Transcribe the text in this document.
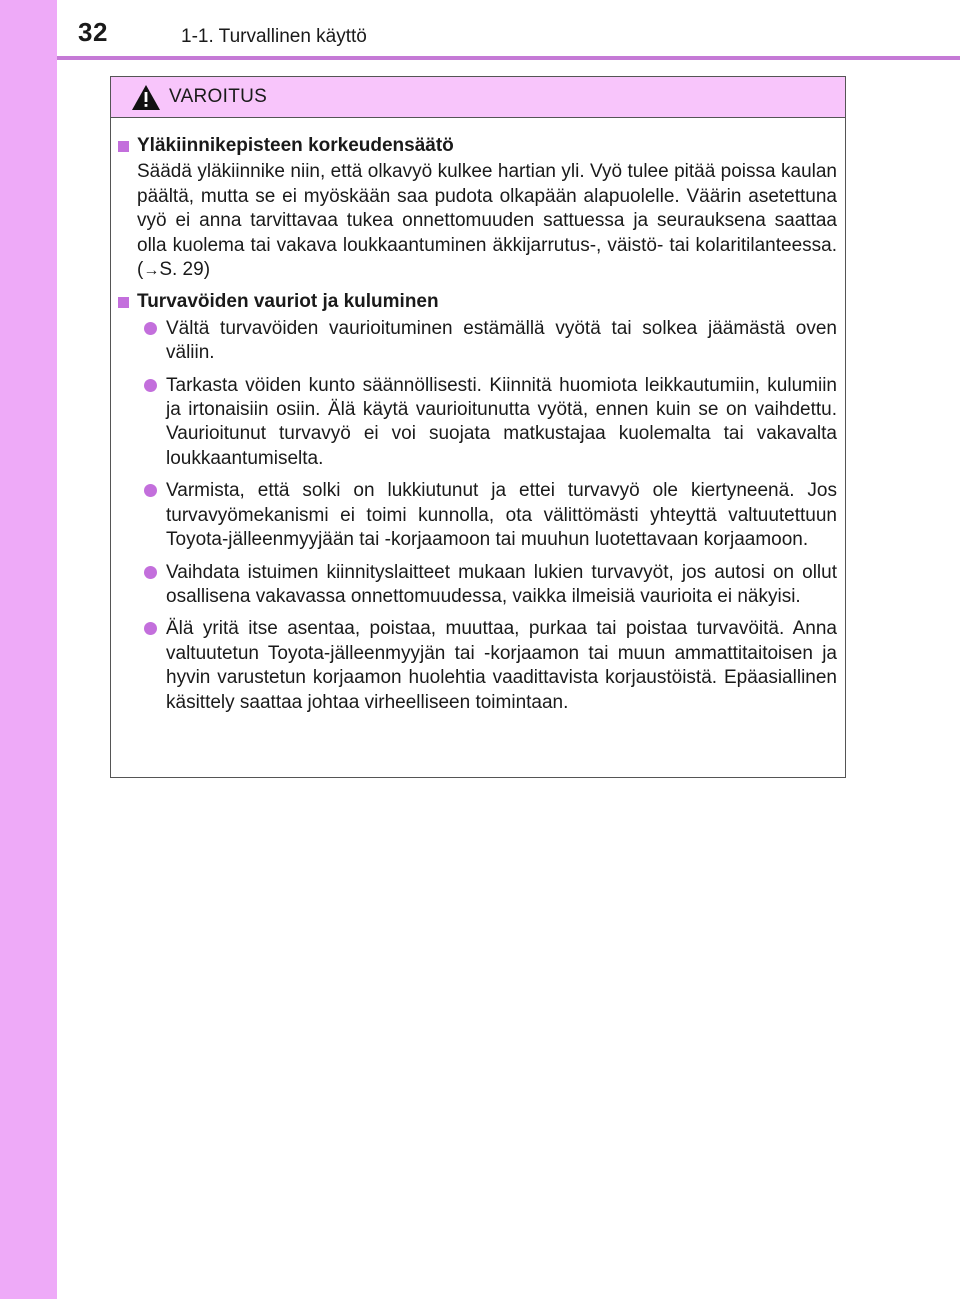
32	1-1. Turvallinen käyttö
VAROITUS
Yläkiinnikepisteen korkeudensäätö
Säädä yläkiinnike niin, että olkavyö kulkee hartian yli. Vyö tulee pitää poissa kaulan päältä, mutta se ei myöskään saa pudota olkapään alapuolelle. Väärin asetettuna vyö ei anna tarvittavaa tukea onnettomuuden sattuessa ja seurauksena saattaa olla kuolema tai vakava loukkaantuminen äkkijarrutus-, väistö- tai kolaritilanteessa. (→S. 29)
Turvavöiden vauriot ja kuluminen
Vältä turvavöiden vaurioituminen estämällä vyötä tai solkea jäämästä oven väliin.
Tarkasta vöiden kunto säännöllisesti. Kiinnitä huomiota leikkautumiin, kulumiin ja irtonaisiin osiin. Älä käytä vaurioitunutta vyötä, ennen kuin se on vaihdettu. Vaurioitunut turvavyö ei voi suojata matkustajaa kuolemalta tai vakavalta loukkaantumiselta.
Varmista, että solki on lukkiutunut ja ettei turvavyö ole kiertyneenä. Jos turvavyömekanismi ei toimi kunnolla, ota välittömästi yhteyttä valtuutettuun Toyota-jälleenmyyjään tai -korjaamoon tai muuhun luotettavaan korjaamoon.
Vaihdata istuimen kiinnityslaitteet mukaan lukien turvavyöt, jos autosi on ollut osallisena vakavassa onnettomuudessa, vaikka ilmeisiä vaurioita ei näkyisi.
Älä yritä itse asentaa, poistaa, muuttaa, purkaa tai poistaa turvavöitä. Anna valtuutetun Toyota-jälleenmyyjän tai -korjaamon tai muun ammattitaitoisen ja hyvin varustetun korjaamon huolehtia vaadittavista korjaustöistä. Epäasiallinen käsittely saattaa johtaa virheelliseen toimintaan.
